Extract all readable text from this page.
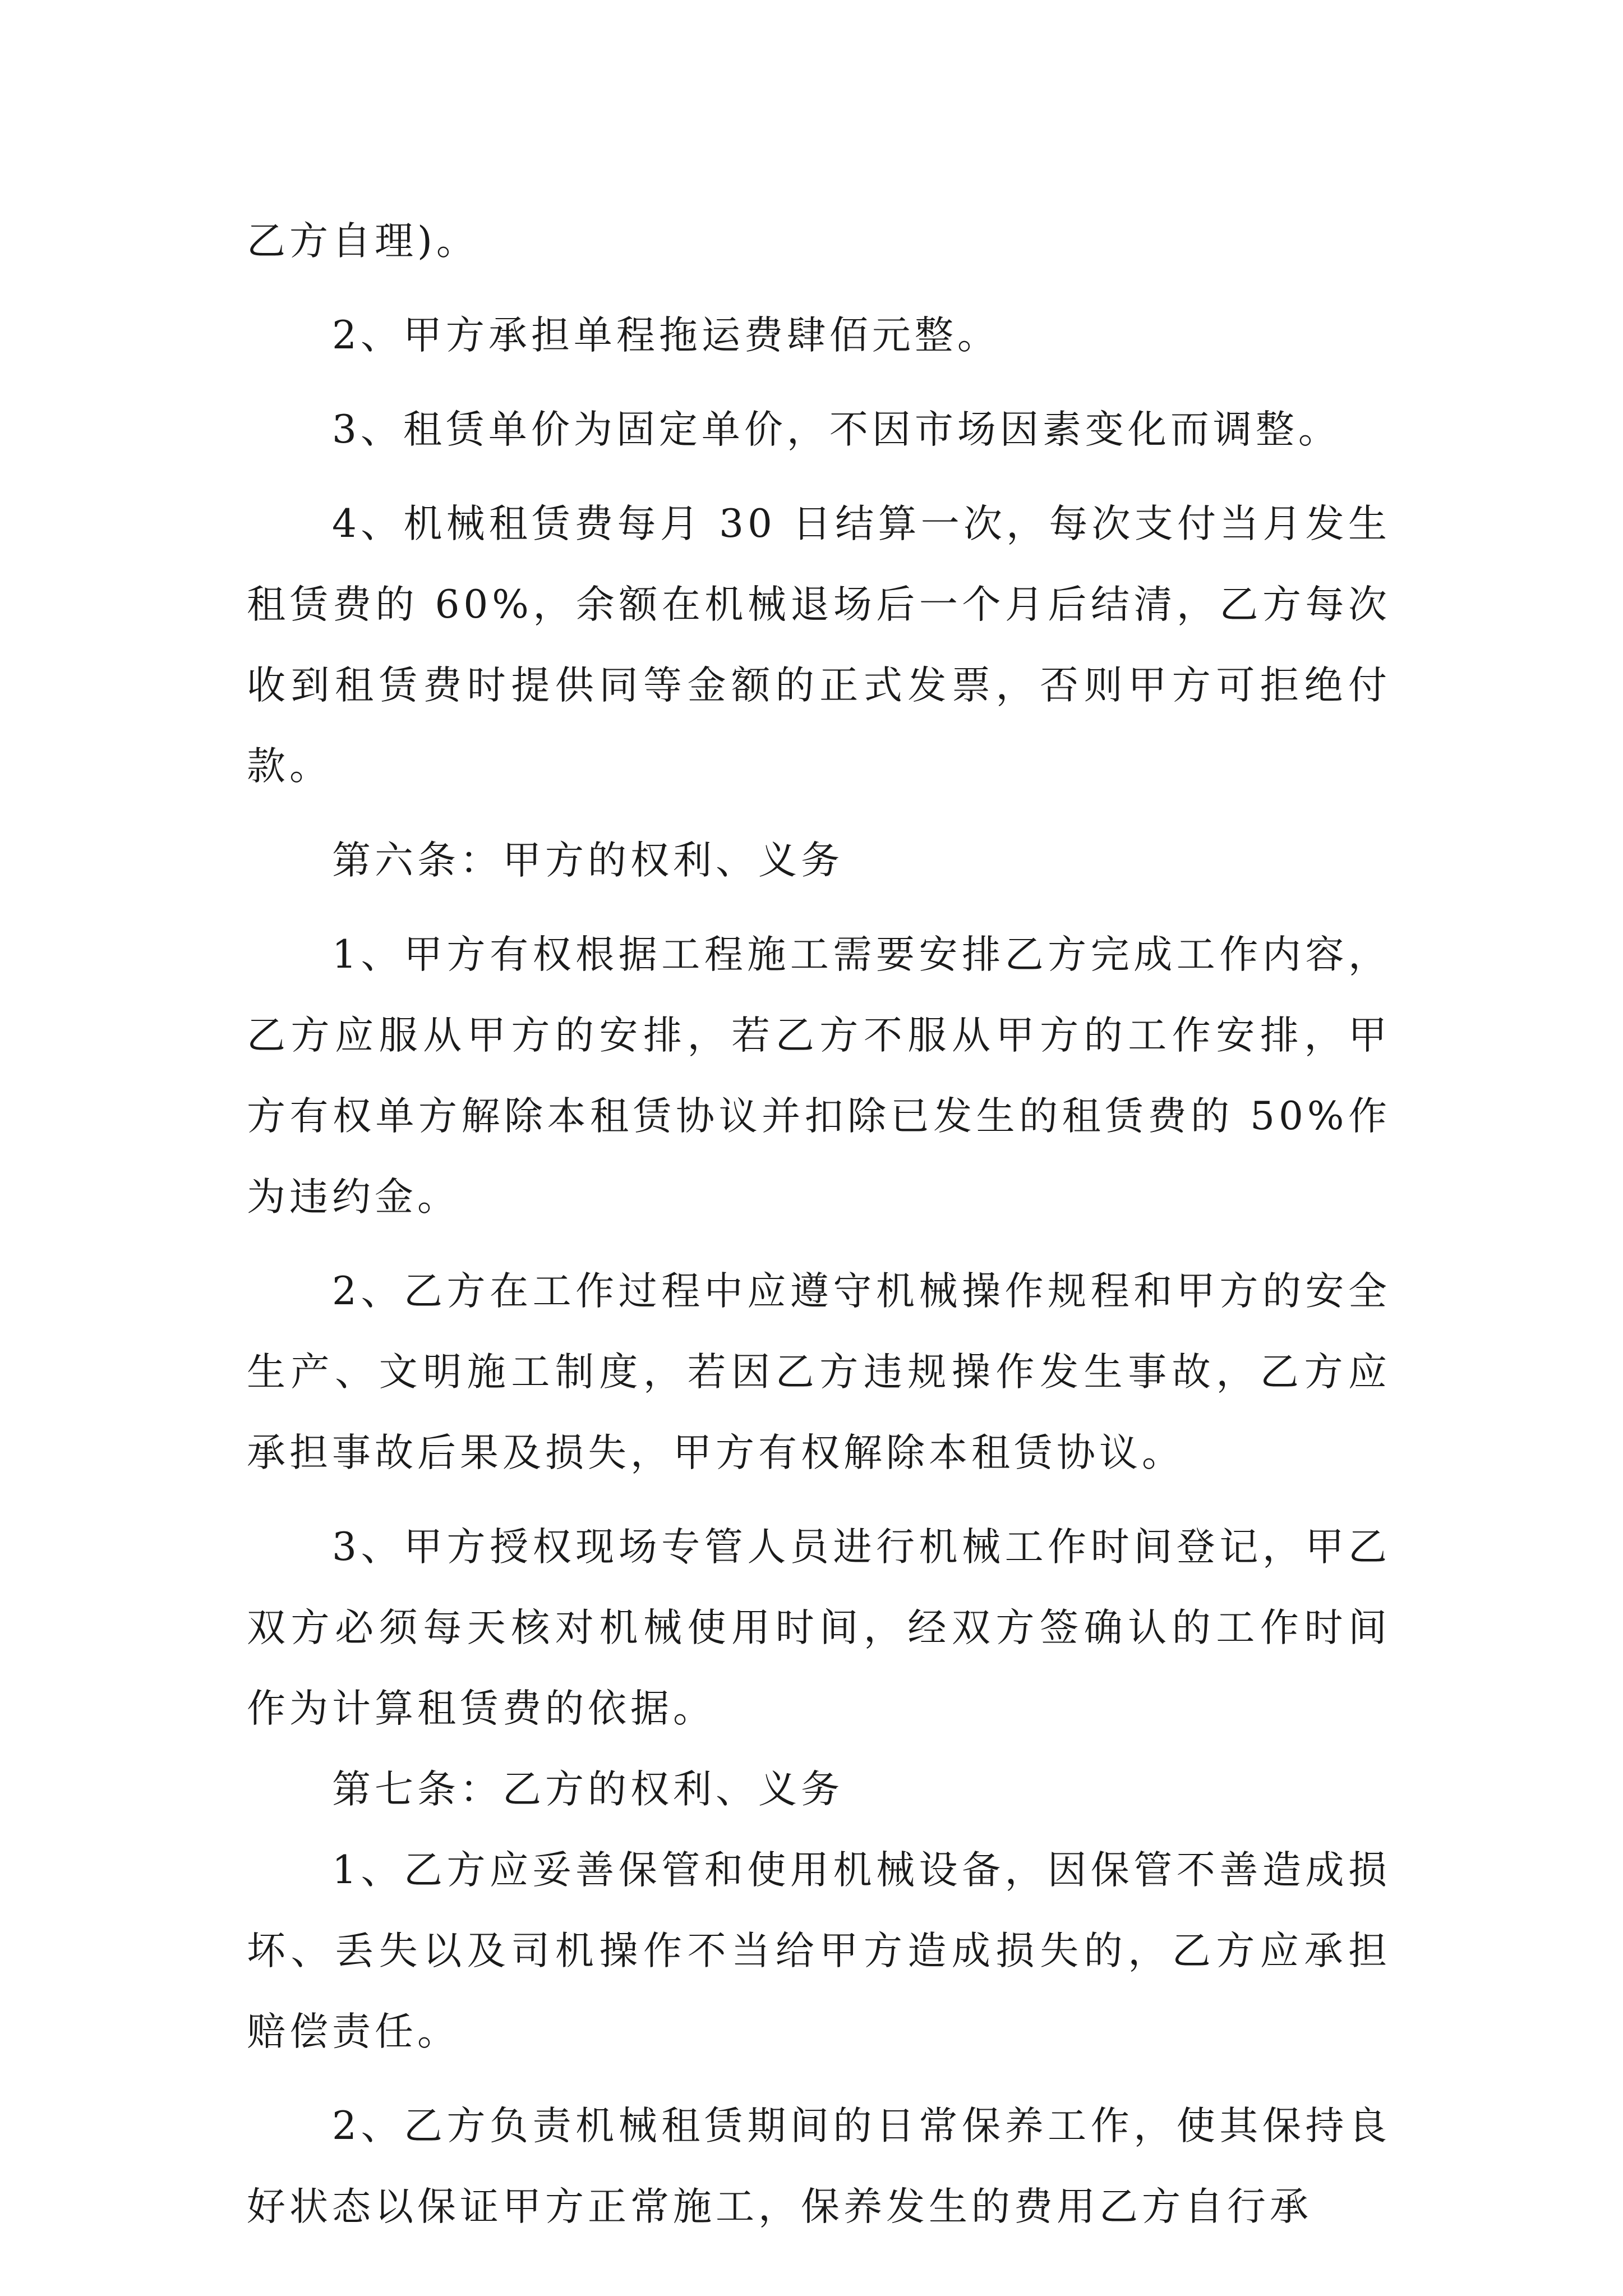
乙方自理)。

2、甲方承担单程拖运费肆佰元整。

3、租赁单价为固定单价，不因市场因素变化而调整。

4、机械租赁费每月 30 日结算一次，每次支付当月发生租赁费的 60%，余额在机械退场后一个月后结清，乙方每次收到租赁费时提供同等金额的正式发票，否则甲方可拒绝付款。

第六条：甲方的权利、义务

1、甲方有权根据工程施工需要安排乙方完成工作内容，乙方应服从甲方的安排，若乙方不服从甲方的工作安排，甲方有权单方解除本租赁协议并扣除已发生的租赁费的 50%作为违约金。

2、乙方在工作过程中应遵守机械操作规程和甲方的安全生产、文明施工制度，若因乙方违规操作发生事故，乙方应承担事故后果及损失，甲方有权解除本租赁协议。

3、甲方授权现场专管人员进行机械工作时间登记，甲乙双方必须每天核对机械使用时间，经双方签确认的工作时间作为计算租赁费的依据。

第七条：乙方的权利、义务

1、乙方应妥善保管和使用机械设备，因保管不善造成损坏、丢失以及司机操作不当给甲方造成损失的，乙方应承担赔偿责任。

2、乙方负责机械租赁期间的日常保养工作，使其保持良好状态以保证甲方正常施工，保养发生的费用乙方自行承
